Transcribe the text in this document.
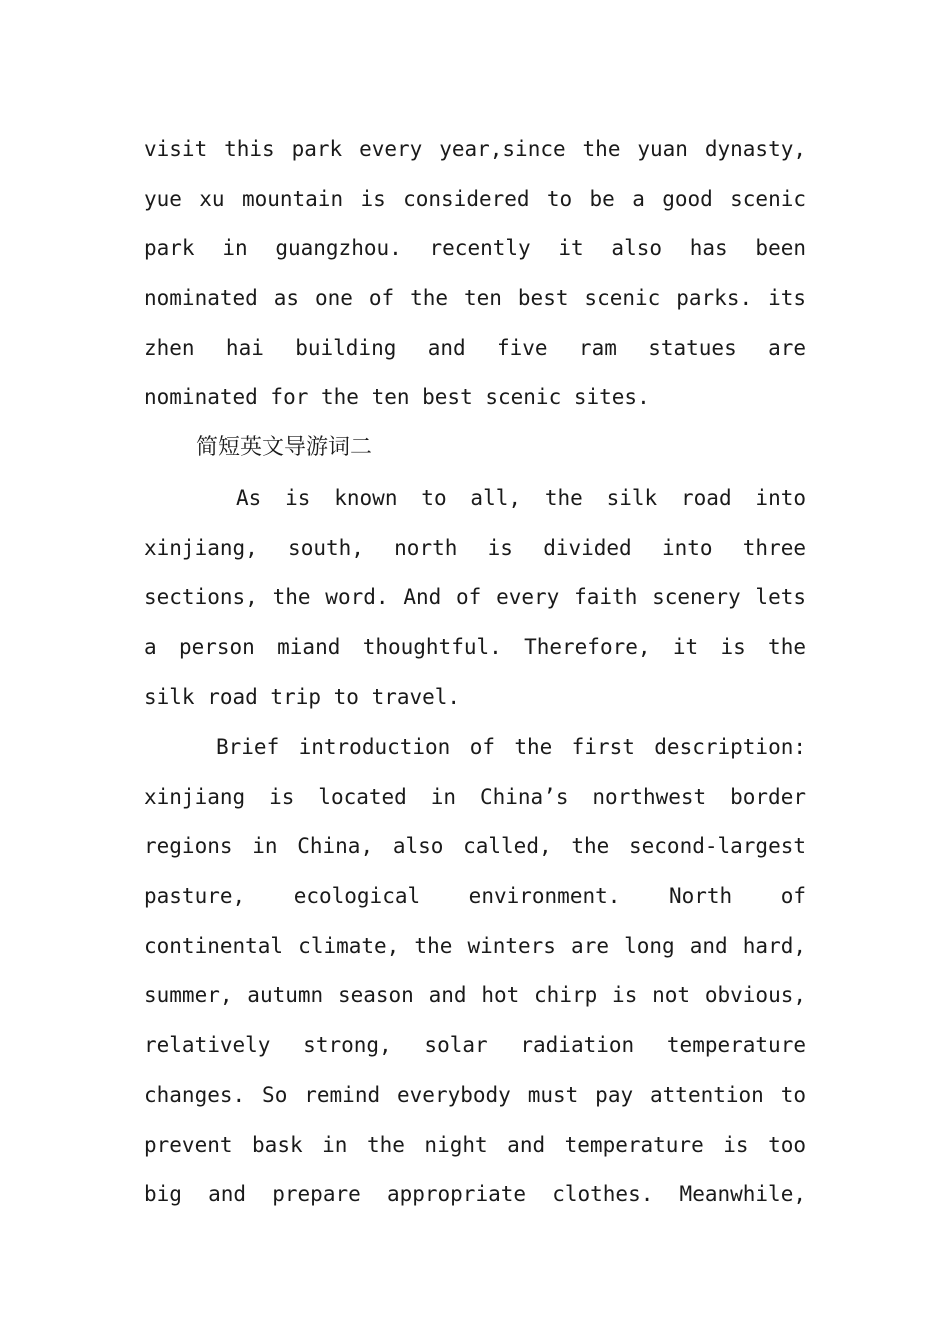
visit this park every year,since the yuan dynasty,
yue xu mountain is considered to be a good scenic
park in guangzhou. recently it also has been
nominated as one of the ten best scenic parks. its
zhen hai building and five ram statues are
nominated for the ten best scenic sites.
简短英文导游词二
As is known to all, the silk road into
xinjiang, south, north is divided into three
sections, the word. And of every faith scenery lets
a person miand thoughtful. Therefore, it is the
silk road trip to travel.
Brief introduction of the first description:
xinjiang is located in China’s northwest border
regions in China, also called, the second-largest
pasture, ecological environment. North of
continental climate, the winters are long and hard,
summer, autumn season and hot chirp is not obvious,
relatively strong, solar radiation temperature
changes. So remind everybody must pay attention to
prevent bask in the night and temperature is too
big and prepare appropriate clothes. Meanwhile,
